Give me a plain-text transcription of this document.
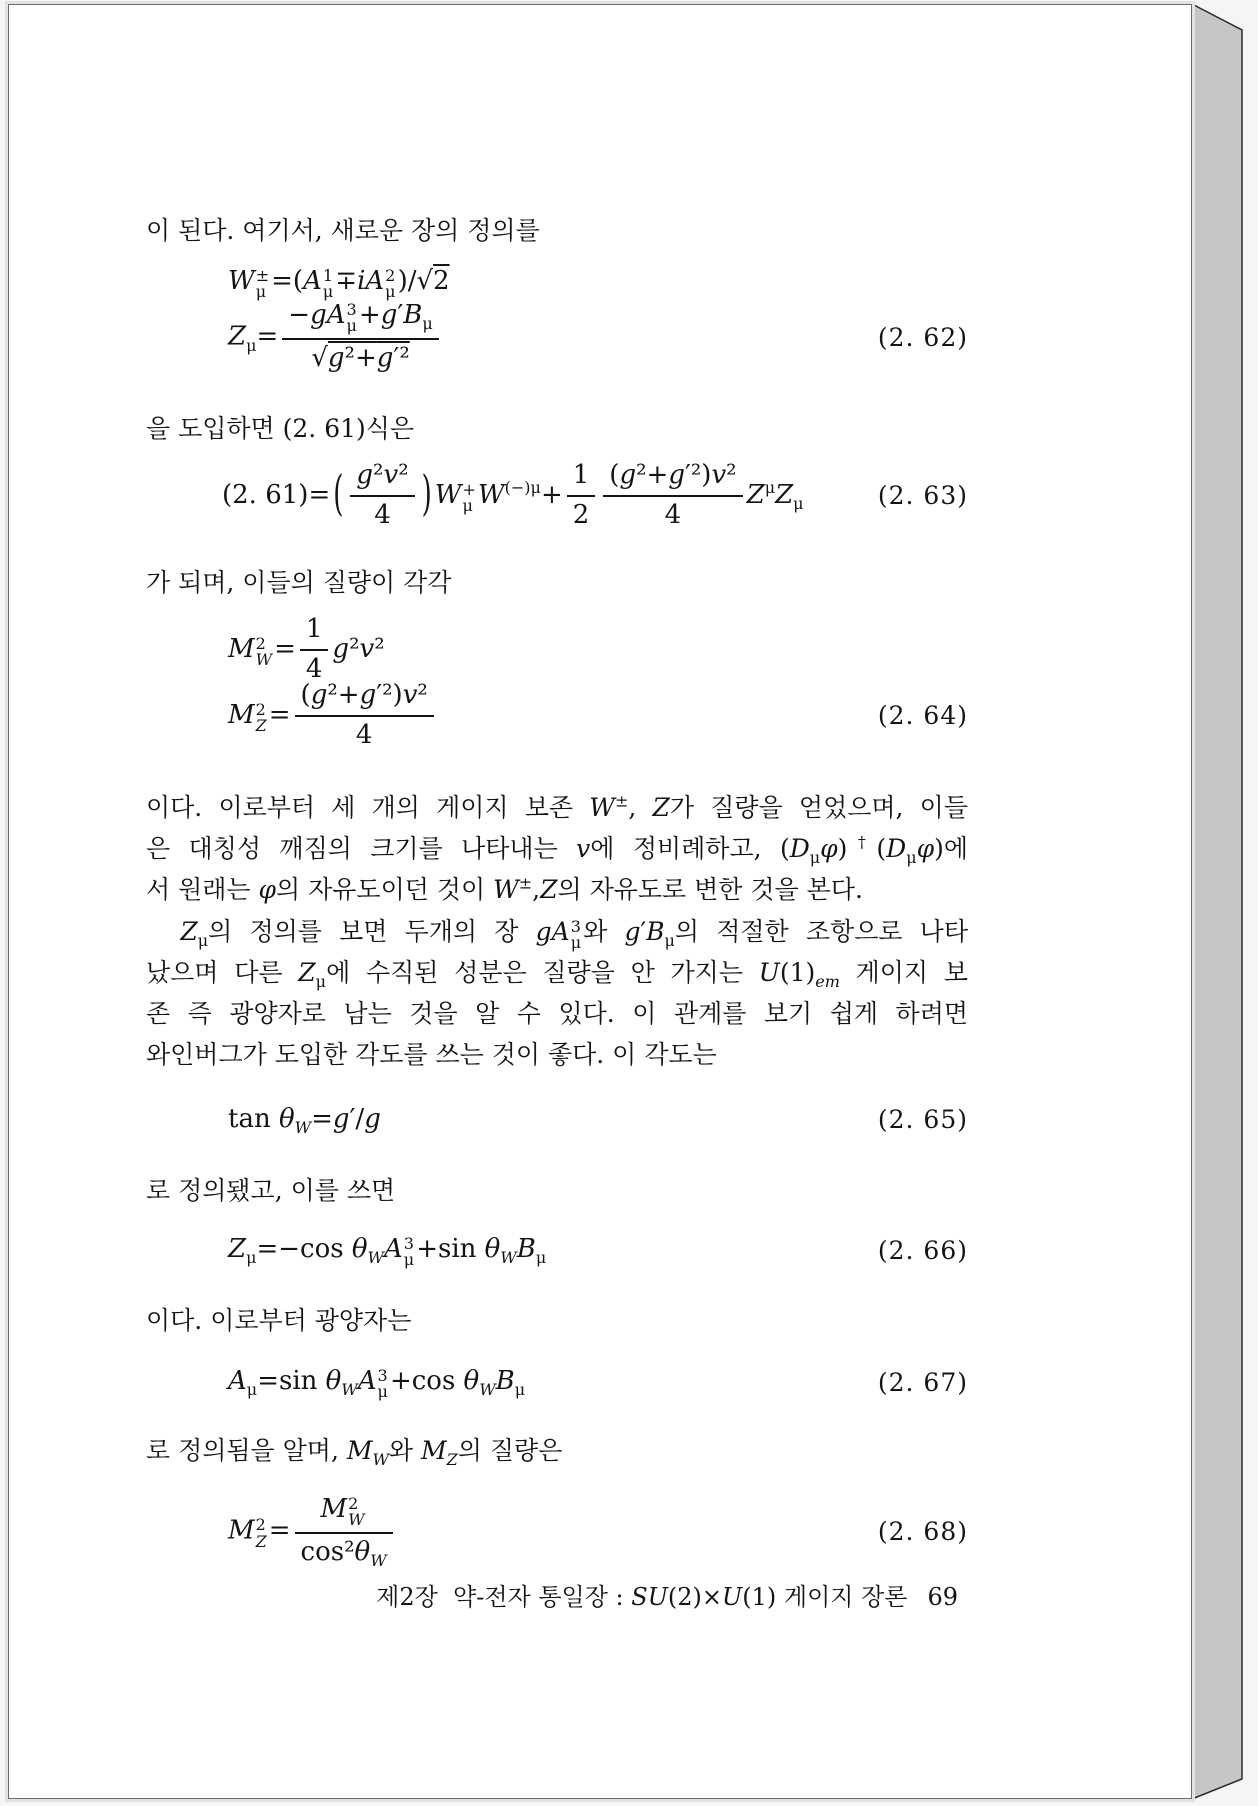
이 된다. 여기서, 새로운 장의 정의를
W ±
μ =(A 1
μ ∓iA 2
μ )/√2
$Z_\mu= -gA$ 3
$\mu +g'B_\mu$
√g²+g′²	(2. 62)
을 도입하면 (2. 61)식은
(2. 61)= ( $\frac{\text{g²v²}}{4}$ ) W +
μ $W^{(-)\mu}+ \frac{1}{2} \frac{\text{(g²+g′²)v²}}{4} Z^\mu Z_\mu$	(2. 63)
가 되며, 이들의 질량이 각각
M 2
$W = \frac{1}{4} g^2v^2$
M 2
$Z = \frac{\text{(g²+g′²)v²}}{4}$	(2. 64)
이다. 이로부터 세 개의 게이지 보존 W±, Z가 질량을 얻었으며, 이들
은 대칭성 깨짐의 크기를 나타내는 v에 정비례하고, $(D_\mu\varphi)^\dagger(D_\mu\varphi)$에
서 원래는 φ의 자유도이던 것이 W±,Z의 자유도로 변한 것을 본다.
$Z_\mu$의 정의를 보면 두개의 장 gA 3
μ 와 $g'B_\mu$의 적절한 조항으로 나타
났으며 다른 $Z_\mu$에 수직된 성분은 질량을 안 가지는 $U(1)_{em}$ 게이지 보
존 즉 광양자로 남는 것을 알 수 있다. 이 관계를 보기 쉽게 하려면
와인버그가 도입한 각도를 쓰는 것이 좋다. 이 각도는
$\tan \theta_W=g'/g$	(2. 65)
로 정의됐고, 이를 쓰면
$Z_\mu=-\cos$ $\theta_WA$ 3
μ +sin $\theta_WB_\mu$	(2. 66)
이다. 이로부터 광양자는
$A_\mu=\sin$ $\theta_WA$ 3
μ +cos $\theta_WB_\mu$	(2. 67)
로 정의됨을 알며, $M_W$와 $M_Z$의 질량은
M 2
Z = M 2
W
$\cos^2\theta_W$	(2. 68)
제2장  약-전자 통일장 : SU(2)×U(1) 게이지 장론 69
